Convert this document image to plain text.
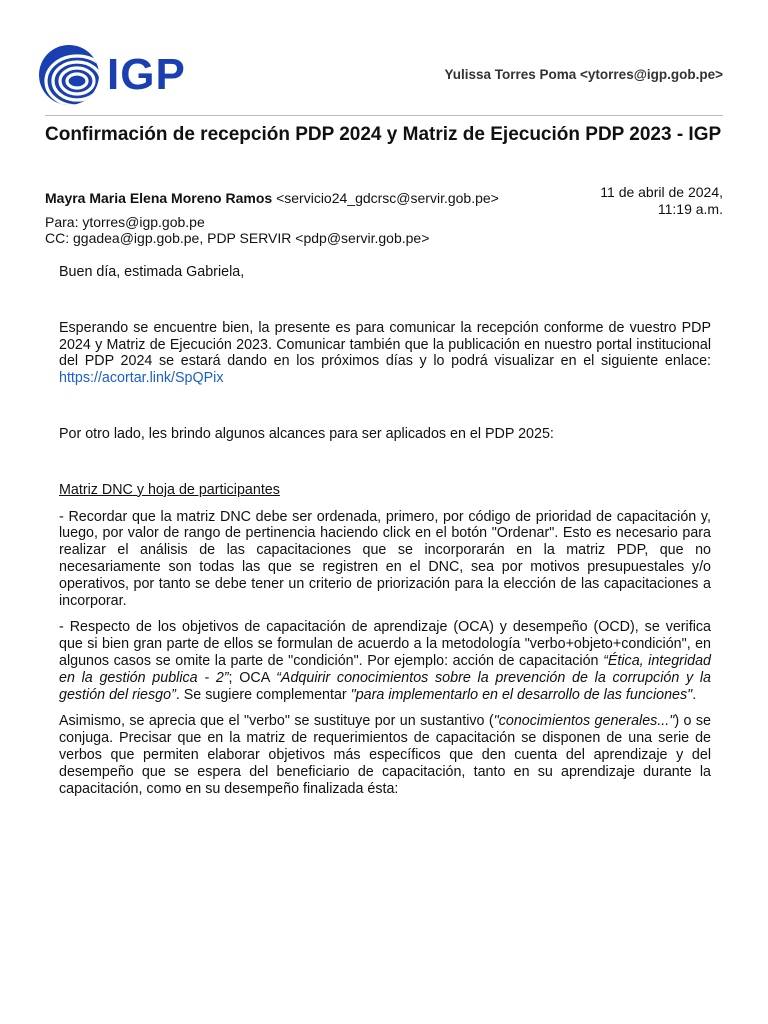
IGP	Yulissa Torres Poma <ytorres@igp.gob.pe>
Confirmación de recepción PDP 2024 y Matriz de Ejecución PDP 2023 - IGP
Mayra Maria Elena Moreno Ramos <servicio24_gdcrsc@servir.gob.pe>	11 de abril de 2024,
11:19 a.m.
Para: ytorres@igp.gob.pe
CC: ggadea@igp.gob.pe, PDP SERVIR <pdp@servir.gob.pe>

Buen día, estimada Gabriela,

Esperando se encuentre bien, la presente es para comunicar la recepción conforme de vuestro PDP 2024 y Matriz de Ejecución 2023. Comunicar también que la publicación en nuestro portal institucional del PDP 2024 se estará dando en los próximos días y lo podrá visualizar en el siguiente enlace: https://acortar.link/SpQPix

Por otro lado, les brindo algunos alcances para ser aplicados en el PDP 2025:

Matriz DNC y hoja de participantes

- Recordar que la matriz DNC debe ser ordenada, primero, por código de prioridad de capacitación y, luego, por valor de rango de pertinencia haciendo click en el botón "Ordenar". Esto es necesario para realizar el análisis de las capacitaciones que se incorporarán en la matriz PDP, que no necesariamente son todas las que se registren en el DNC, sea por motivos presupuestales y/o operativos, por tanto se debe tener un criterio de priorización para la elección de las capacitaciones a incorporar.

- Respecto de los objetivos de capacitación de aprendizaje (OCA) y desempeño (OCD), se verifica que si bien gran parte de ellos se formulan de acuerdo a la metodología "verbo+objeto+condición", en algunos casos se omite la parte de "condición". Por ejemplo: acción de capacitación “Ética, integridad en la gestión publica - 2”; OCA “Adquirir conocimientos sobre la prevención de la corrupción y la gestión del riesgo”. Se sugiere complementar "para implementarlo en el desarrollo de las funciones".

Asimismo, se aprecia que el "verbo" se sustituye por un sustantivo ("conocimientos generales...") o se conjuga. Precisar que en la matriz de requerimientos de capacitación se disponen de una serie de verbos que permiten elaborar objetivos más específicos que den cuenta del aprendizaje y del desempeño que se espera del beneficiario de capacitación, tanto en su aprendizaje durante la capacitación, como en su desempeño finalizada ésta:
